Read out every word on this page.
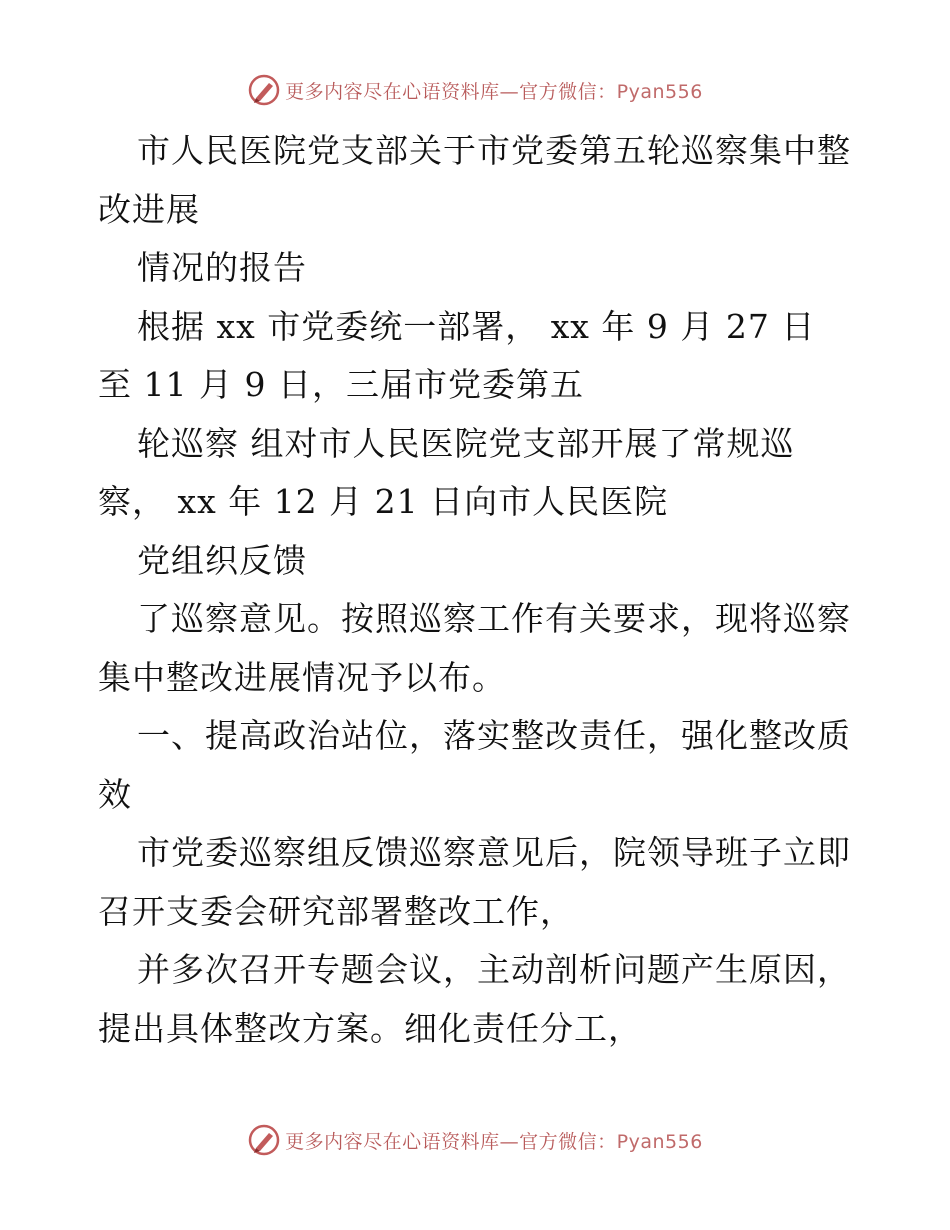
更多内容尽在心语资料库—官方微信：Pyan556
市人民医院党支部关于市党委第五轮巡察集中整
改进展
情况的报告
根据 xx 市党委统一部署， xx 年 9 月 27 日
至 11 月 9 日，三届市党委第五
轮巡察 组对市人民医院党支部开展了常规巡
察， xx 年 12 月 21 日向市人民医院
党组织反馈
了巡察意见。按照巡察工作有关要求，现将巡察
集中整改进展情况予以布。
一、提高政治站位，落实整改责任，强化整改质
效
市党委巡察组反馈巡察意见后，院领导班子立即
召开支委会研究部署整改工作，
并多次召开专题会议，主动剖析问题产生原因，
提出具体整改方案。细化责任分工，
更多内容尽在心语资料库—官方微信：Pyan556
